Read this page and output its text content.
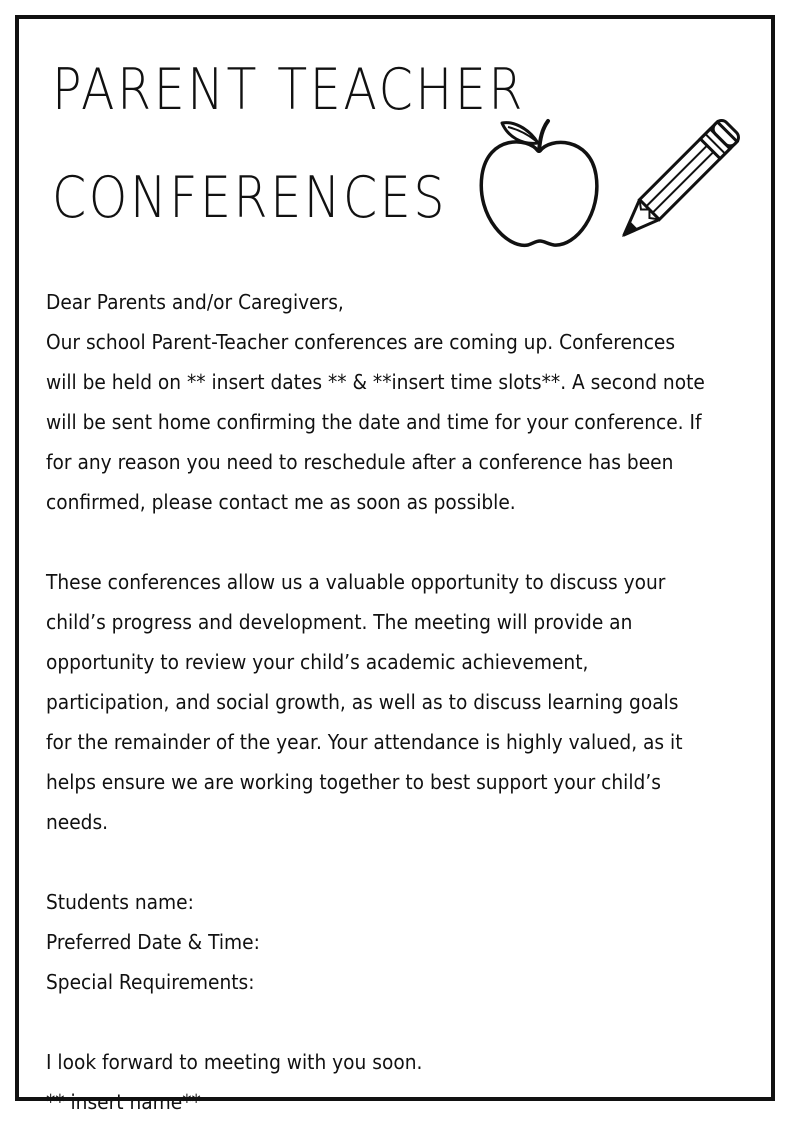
PARENT TEACHER
CONFERENCES

Dear Parents and/or Caregivers,

Our school Parent-Teacher conferences are coming up. Conferences will be held on ** insert dates ** & **insert time slots**. A second note will be sent home confirming the date and time for your conference. If for any reason you need to reschedule after a conference has been confirmed, please contact me as soon as possible.

These conferences allow us a valuable opportunity to discuss your child’s progress and development. The meeting will provide an opportunity to review your child’s academic achievement, participation, and social growth, as well as to discuss learning goals for the remainder of the year. Your attendance is highly valued, as it helps ensure we are working together to best support your child’s needs.

Students name:

Preferred Date & Time:

Special Requirements:

I look forward to meeting with you soon.

** insert name**
